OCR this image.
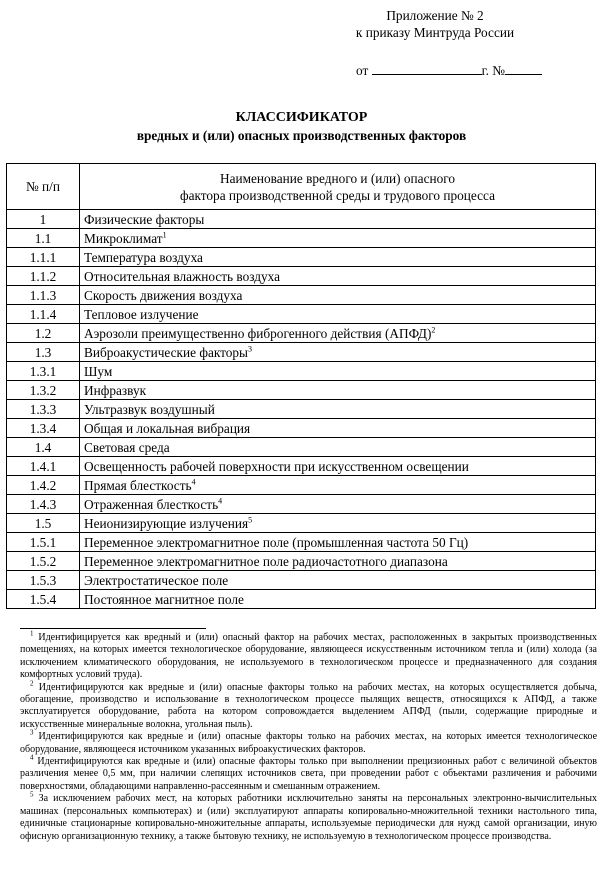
Приложение № 2
к приказу Минтруда России
от	г. №
КЛАССИФИКАТОР
вредных и (или) опасных производственных факторов
№ п/п	Наименование вредного и (или) опасного
фактора производственной среды и трудового процесса

1	Физические факторы
1.1	Микроклимат$^1$
1.1.1	Температура воздуха
1.1.2	Относительная влажность воздуха
1.1.3	Скорость движения воздуха
1.1.4	Тепловое излучение
1.2	Аэрозоли преимущественно фиброгенного действия (АПФД)$^2$
1.3	Виброакустические факторы$^3$
1.3.1	Шум
1.3.2	Инфразвук
1.3.3	Ультразвук воздушный
1.3.4	Общая и локальная вибрация
1.4	Световая среда
1.4.1	Освещенность рабочей поверхности при искусственном освещении
1.4.2	Прямая блесткость$^4$
1.4.3	Отраженная блесткость$^4$
1.5	Неионизирующие излучения$^5$
1.5.1	Переменное электромагнитное поле (промышленная частота 50 Гц)
1.5.2	Переменное электромагнитное поле радиочастотного диапазона
1.5.3	Электростатическое поле
1.5.4	Постоянное магнитное поле

$^1$ Идентифицируется как вредный и (или) опасный фактор на рабочих местах, расположенных в закрытых производственных помещениях, на которых имеется технологическое оборудование, являющееся искусственным источником тепла и (или) холода (за исключением климатического оборудования, не используемого в технологическом процессе и предназначенного для создания комфортных условий труда).

$^2$ Идентифицируются как вредные и (или) опасные факторы только на рабочих местах, на которых осуществляется добыча, обогащение, производство и использование в технологическом процессе пылящих веществ, относящихся к АПФД, а также эксплуатируется оборудование, работа на котором сопровождается выделением АПФД (пыли, содержащие природные и искусственные минеральные волокна, угольная пыль).

$^3$ Идентифицируются как вредные и (или) опасные факторы только на рабочих местах, на которых имеется технологическое оборудование, являющееся источником указанных виброакустических факторов.

$^4$ Идентифицируются как вредные и (или) опасные факторы только при выполнении прецизионных работ с величиной объектов различения менее 0,5 мм, при наличии слепящих источников света, при проведении работ с объектами различения и рабочими поверхностями, обладающими направленно-рассеянным и смешанным отражением.

$^5$ За исключением рабочих мест, на которых работники исключительно заняты на персональных электронно-вычислительных машинах (персональных компьютерах) и (или) эксплуатируют аппараты копировально-множительной техники настольного типа, единичные стационарные копировально-множительные аппараты, используемые периодически для нужд самой организации, иную офисную организационную технику, а также бытовую технику, не используемую в технологическом процессе производства.
